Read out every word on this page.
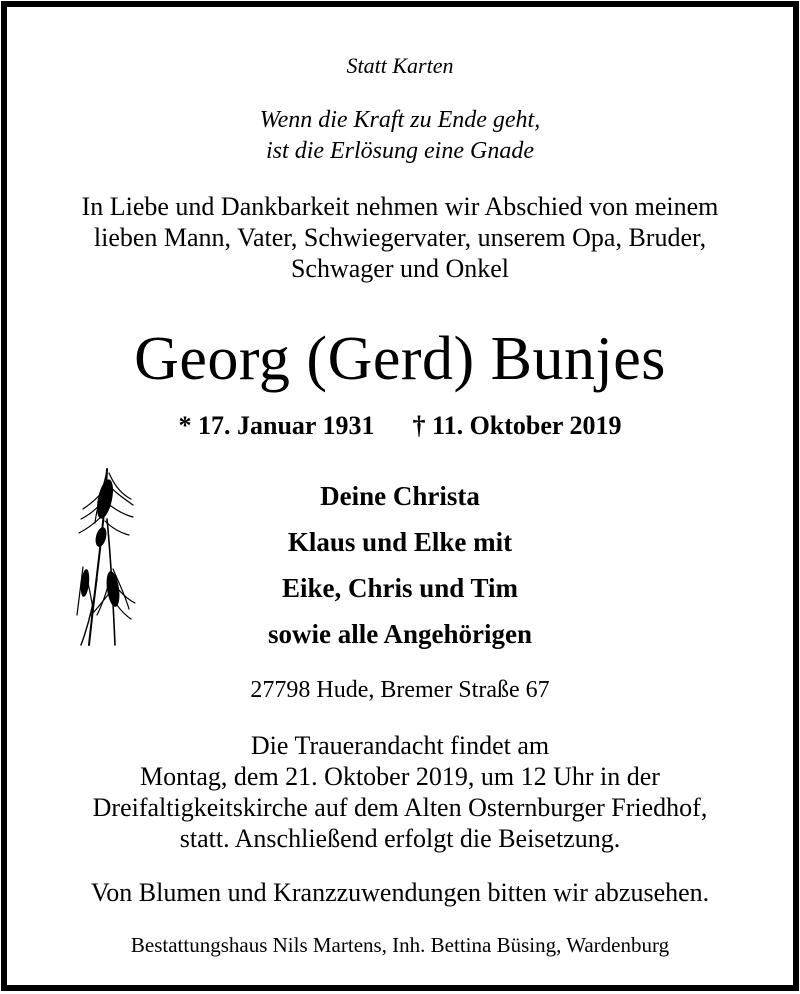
Statt Karten

Wenn die Kraft zu Ende geht,

ist die Erlösung eine Gnade

In Liebe und Dankbarkeit nehmen wir Abschied von meinem

lieben Mann, Vater, Schwiegervater, unserem Opa, Bruder,

Schwager und Onkel

Georg (Gerd) Bunjes

* 17. Januar 1931 † 11. Oktober 2019

Deine Christa

Klaus und Elke mit

Eike, Chris und Tim

sowie alle Angehörigen

27798 Hude, Bremer Straße 67

Die Trauerandacht findet am

Montag, dem 21. Oktober 2019, um 12 Uhr in der

Dreifaltigkeitskirche auf dem Alten Osternburger Friedhof,

statt. Anschließend erfolgt die Beisetzung.

Von Blumen und Kranzzuwendungen bitten wir abzusehen.

Bestattungshaus Nils Martens, Inh. Bettina Büsing, Wardenburg
